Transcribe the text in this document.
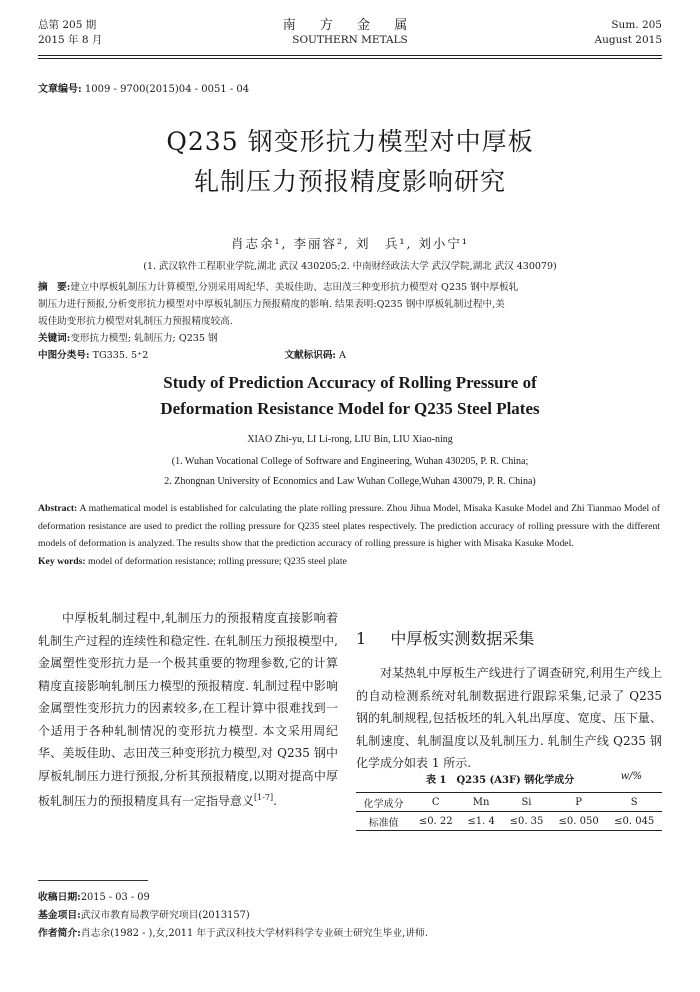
总第 205 期
2015 年 8 月
南 方 金 属
SOUTHERN METALS
Sum. 205
August 2015
文章编号: 1009 - 9700(2015)04 - 0051 - 04
Q235 钢变形抗力模型对中厚板
轧制压力预报精度影响研究
肖志余¹, 李丽容², 刘　兵¹, 刘小宁¹
(1. 武汉软件工程职业学院,湖北 武汉 430205;2. 中南财经政法大学 武汉学院,湖北 武汉 430079)
摘　要:建立中厚板轧制压力计算模型,分别采用周纪华、美坂佳助、志田茂三种变形抗力模型对 Q235 钢中厚板轧
制压力进行预报,分析变形抗力模型对中厚板轧制压力预报精度的影响. 结果表明:Q235 钢中厚板轧制过程中,美
坂佳助变形抗力模型对轧制压力预报精度较高.
关键词:变形抗力模型; 轧制压力; Q235 钢
中图分类号: TG335. 5⁺2	文献标识码: A
Study of Prediction Accuracy of Rolling Pressure of
Deformation Resistance Model for Q235 Steel Plates
XIAO Zhi-yu, LI Li-rong, LIU Bin, LIU Xiao-ning
(1. Wuhan Vocational College of Software and Engineering, Wuhan 430205, P. R. China;
2. Zhongnan University of Economics and Law Wuhan College,Wuhan 430079, P. R. China)
Abstract: A mathematical model is established for calculating the plate rolling pressure. Zhou Jihua Model, Misaka Kasuke Model and Zhi Tianmao Model of deformation resistance are used to predict the rolling pressure for Q235 steel plates respectively. The prediction accuracy of rolling pressure with the different models of deformation is analyzed. The results show that the prediction accuracy of rolling pressure is higher with Misaka Kasuke Model.
Key words: model of deformation resistance; rolling pressure; Q235 steel plate
中厚板轧制过程中,轧制压力的预报精度直接影响着轧制生产过程的连续性和稳定性. 在轧制压力预报模型中,金属塑性变形抗力是一个极其重要的物理参数,它的计算精度直接影响轧制压力模型的预报精度. 轧制过程中影响金属塑性变形抗力的因素较多,在工程计算中很难找到一个适用于各种轧制情况的变形抗力模型. 本文采用周纪华、美坂佳助、志田茂三种变形抗力模型,对 Q235 钢中厚板轧制压力进行预报,分析其预报精度,以期对提高中厚板轧制压力的预报精度具有一定指导意义[1-7].
1 中厚板实测数据采集
对某热轧中厚板生产线进行了调查研究,利用生产线上的自动检测系统对轧制数据进行跟踪采集,记录了 Q235 钢的轧制规程,包括板坯的轧入轧出厚度、宽度、压下量、轧制速度、轧制温度以及轧制压力. 轧制生产线 Q235 钢化学成分如表 1 所示.
表 1　Q235 (A3F) 钢化学成分	w/%
化学成分	C	Mn	Si	P	S
标准值	≤0. 22	≤1. 4	≤0. 35	≤0. 050	≤0. 045
收稿日期:2015 - 03 - 09
基金项目:武汉市教育局教学研究项目(2013157)
作者简介:肖志余(1982 - ),女,2011 年于武汉科技大学材料科学专业硕士研究生毕业,讲师.
